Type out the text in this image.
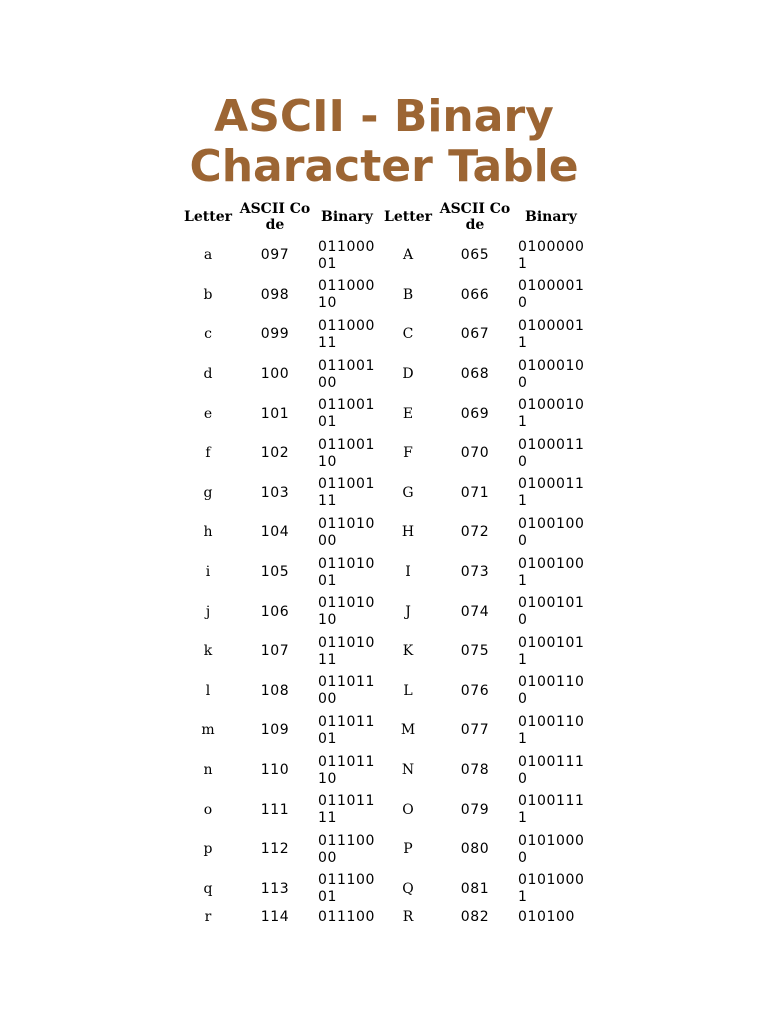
ASCII - Binary
Character Table
Letter	ASCII Code	Binary	Letter	ASCII Code	Binary
a	097	01100001	A	065	01000001
b	098	01100010	B	066	01000010
c	099	01100011	C	067	01000011
d	100	01100100	D	068	01000100
e	101	01100101	E	069	01000101
f	102	01100110	F	070	01000110
g	103	01100111	G	071	01000111
h	104	01101000	H	072	01001000
i	105	01101001	I	073	01001001
j	106	01101010	J	074	01001010
k	107	01101011	K	075	01001011
l	108	01101100	L	076	01001100
m	109	01101101	M	077	01001101
n	110	01101110	N	078	01001110
o	111	01101111	O	079	01001111
p	112	01110000	P	080	01010000
q	113	01110001	Q	081	01010001
r	114	011100	R	082	010100
